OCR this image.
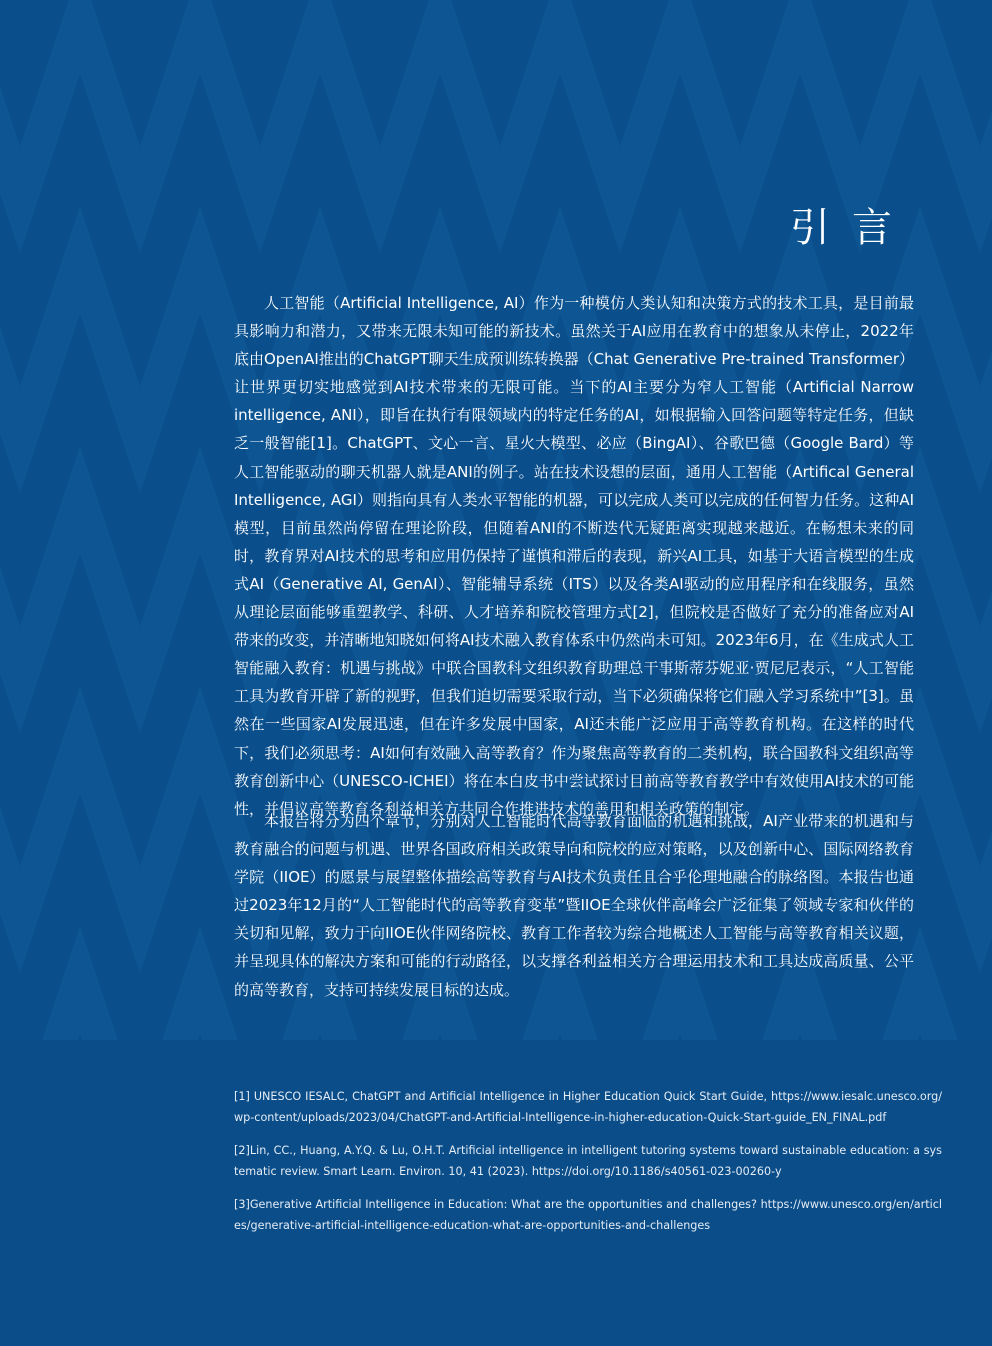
引言

人工智能（Artificial Intelligence, AI）作为一种模仿人类认知和决策方式的技术工具，是目前最具影响力和潜力，又带来无限未知可能的新技术。虽然关于AI应用在教育中的想象从未停止，2022年底由OpenAI推出的ChatGPT聊天生成预训练转换器（Chat Generative Pre-trained Transformer）让世界更切实地感觉到AI技术带来的无限可能。当下的AI主要分为窄人工智能（Artificial Narrow intelligence, ANI），即旨在执行有限领域内的特定任务的AI，如根据输入回答问题等特定任务，但缺乏一般智能[1]。ChatGPT、文心一言、星火大模型、必应（BingAI）、谷歌巴德（Google Bard）等人工智能驱动的聊天机器人就是ANI的例子。站在技术设想的层面，通用人工智能（Artifical General Intelligence, AGI）则指向具有人类水平智能的机器，可以完成人类可以完成的任何智力任务。这种AI模型，目前虽然尚停留在理论阶段，但随着ANI的不断迭代无疑距离实现越来越近。在畅想未来的同时，教育界对AI技术的思考和应用仍保持了谨慎和滞后的表现，新兴AI工具，如基于大语言模型的生成式AI（Generative AI, GenAI）、智能辅导系统（ITS）以及各类AI驱动的应用程序和在线服务，虽然从理论层面能够重塑教学、科研、人才培养和院校管理方式[2]，但院校是否做好了充分的准备应对AI带来的改变，并清晰地知晓如何将AI技术融入教育体系中仍然尚未可知。2023年6月，在《生成式人工智能融入教育：机遇与挑战》中联合国教科文组织教育助理总干事斯蒂芬妮亚·贾尼尼表示，“人工智能工具为教育开辟了新的视野，但我们迫切需要采取行动，当下必须确保将它们融入学习系统中”[3]。虽然在一些国家AI发展迅速，但在许多发展中国家，AI还未能广泛应用于高等教育机构。在这样的时代下，我们必须思考：AI如何有效融入高等教育？作为聚焦高等教育的二类机构，联合国教科文组织高等教育创新中心（UNESCO-ICHEI）将在本白皮书中尝试探讨目前高等教育教学中有效使用AI技术的可能性，并倡议高等教育各利益相关方共同合作推进技术的善用和相关政策的制定。

本报告将分为四个章节，分别对人工智能时代高等教育面临的机遇和挑战，AI产业带来的机遇和与教育融合的问题与机遇、世界各国政府相关政策导向和院校的应对策略，以及创新中心、国际网络教育学院（IIOE）的愿景与展望整体描绘高等教育与AI技术负责任且合乎伦理地融合的脉络图。本报告也通过2023年12月的“人工智能时代的高等教育变革”暨IIOE全球伙伴高峰会广泛征集了领域专家和伙伴的关切和见解，致力于向IIOE伙伴网络院校、教育工作者较为综合地概述人工智能与高等教育相关议题，并呈现具体的解决方案和可能的行动路径，以支撑各利益相关方合理运用技术和工具达成高质量、公平的高等教育，支持可持续发展目标的达成。

[1] UNESCO IESALC, ChatGPT and Artificial Intelligence in Higher Education Quick Start Guide, https://www.iesalc.unesco.org/wp-content/uploads/2023/04/ChatGPT-and-Artificial-Intelligence-in-higher-education-Quick-Start-guide_EN_FINAL.pdf

[2]Lin, CC., Huang, A.Y.Q. & Lu, O.H.T. Artificial intelligence in intelligent tutoring systems toward sustainable education: a systematic review. Smart Learn. Environ. 10, 41 (2023). https://doi.org/10.1186/s40561-023-00260-y

[3]Generative Artificial Intelligence in Education: What are the opportunities and challenges? https://www.unesco.org/en/articles/generative-artificial-intelligence-education-what-are-opportunities-and-challenges
